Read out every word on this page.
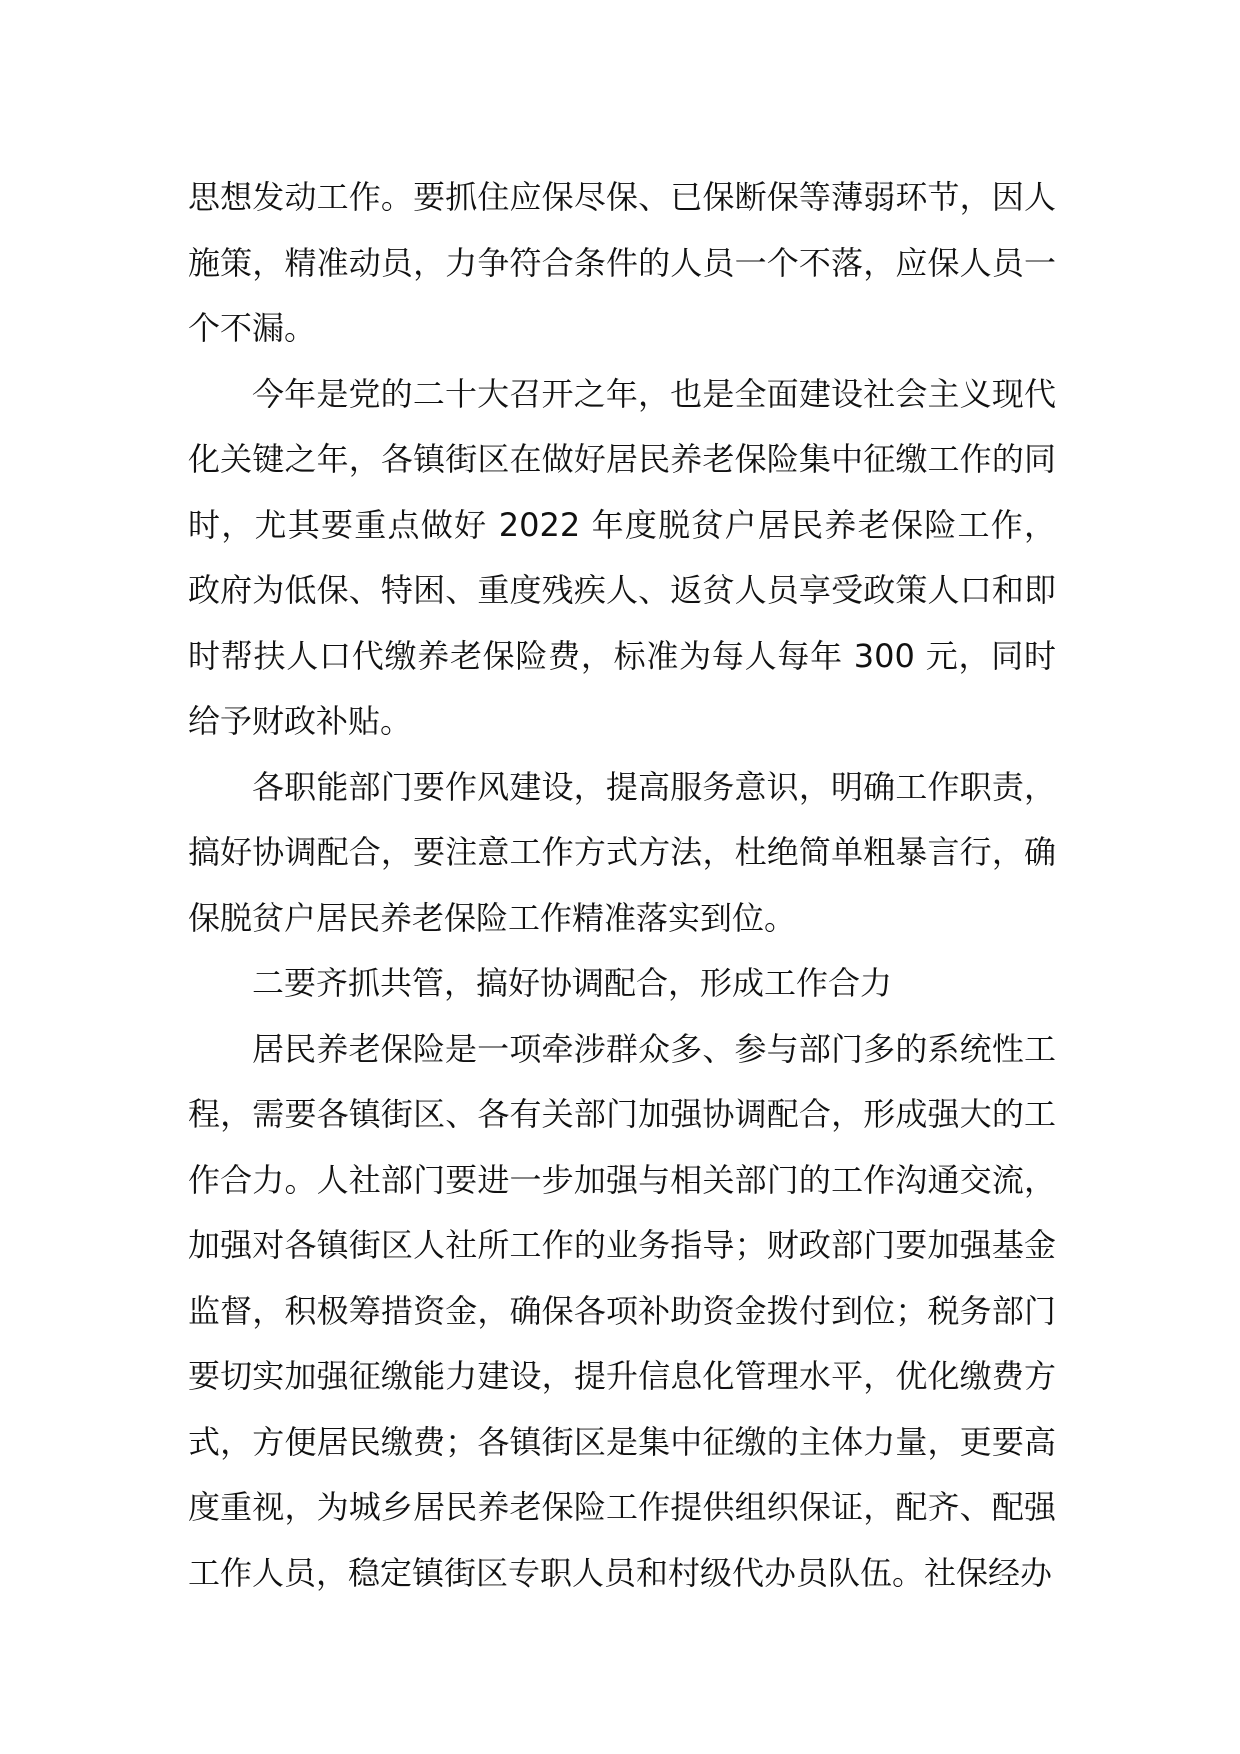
思想发动工作。要抓住应保尽保、已保断保等薄弱环节，因人施策，精准动员，力争符合条件的人员一个不落，应保人员一个不漏。

今年是党的二十大召开之年，也是全面建设社会主义现代化关键之年，各镇街区在做好居民养老保险集中征缴工作的同时，尤其要重点做好 2022 年度脱贫户居民养老保险工作，政府为低保、特困、重度残疾人、返贫人员享受政策人口和即时帮扶人口代缴养老保险费，标准为每人每年 300 元，同时给予财政补贴。

各职能部门要作风建设，提高服务意识，明确工作职责，搞好协调配合，要注意工作方式方法，杜绝简单粗暴言行，确保脱贫户居民养老保险工作精准落实到位。

二要齐抓共管，搞好协调配合，形成工作合力

居民养老保险是一项牵涉群众多、参与部门多的系统性工程，需要各镇街区、各有关部门加强协调配合，形成强大的工作合力。人社部门要进一步加强与相关部门的工作沟通交流，加强对各镇街区人社所工作的业务指导；财政部门要加强基金监督，积极筹措资金，确保各项补助资金拨付到位；税务部门要切实加强征缴能力建设，提升信息化管理水平，优化缴费方式，方便居民缴费；各镇街区是集中征缴的主体力量，更要高度重视，为城乡居民养老保险工作提供组织保证，配齐、配强工作人员，稳定镇街区专职人员和村级代办员队伍。社保经办
